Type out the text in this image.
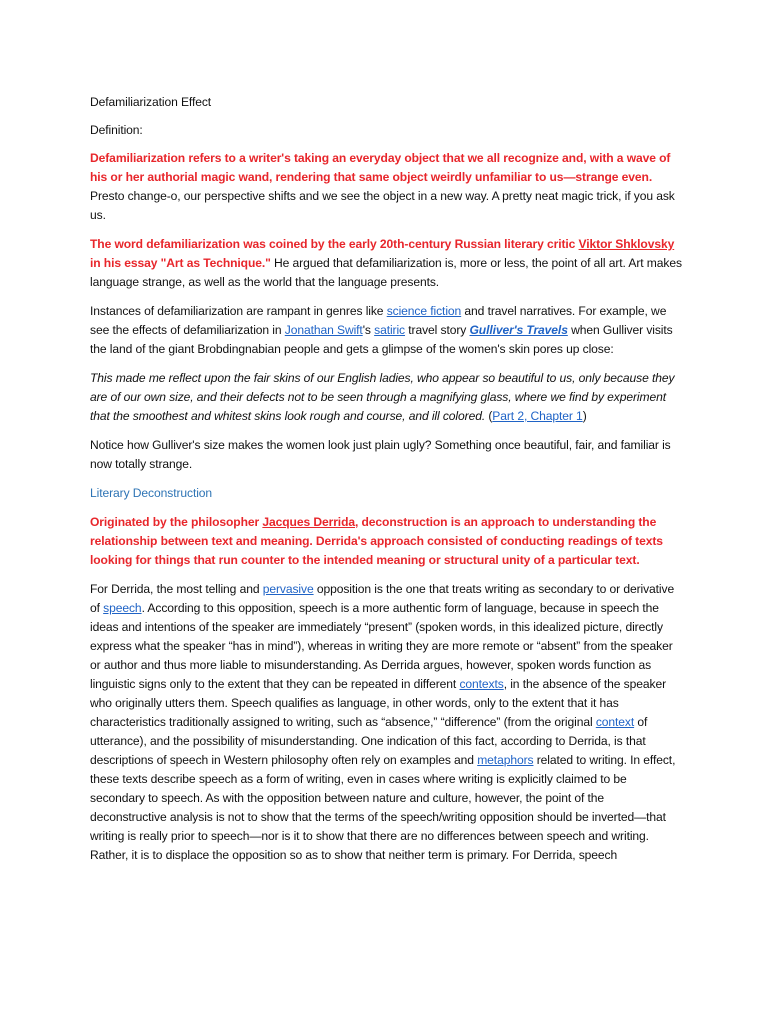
Defamiliarization Effect

Definition:

Defamiliarization refers to a writer's taking an everyday object that we all recognize and, with a wave of his or her authorial magic wand, rendering that same object weirdly unfamiliar to us—strange even. Presto change-o, our perspective shifts and we see the object in a new way. A pretty neat magic trick, if you ask us.

The word defamiliarization was coined by the early 20th-century Russian literary critic Viktor Shklovsky in his essay "Art as Technique." He argued that defamiliarization is, more or less, the point of all art. Art makes language strange, as well as the world that the language presents.

Instances of defamiliarization are rampant in genres like science fiction and travel narratives. For example, we see the effects of defamiliarization in Jonathan Swift's satiric travel story Gulliver's Travels when Gulliver visits the land of the giant Brobdingnabian people and gets a glimpse of the women's skin pores up close:

This made me reflect upon the fair skins of our English ladies, who appear so beautiful to us, only because they are of our own size, and their defects not to be seen through a magnifying glass, where we find by experiment that the smoothest and whitest skins look rough and course, and ill colored. (Part 2, Chapter 1)

Notice how Gulliver's size makes the women look just plain ugly? Something once beautiful, fair, and familiar is now totally strange.

Literary Deconstruction

Originated by the philosopher Jacques Derrida, deconstruction is an approach to understanding the relationship between text and meaning. Derrida's approach consisted of conducting readings of texts looking for things that run counter to the intended meaning or structural unity of a particular text.

For Derrida, the most telling and pervasive opposition is the one that treats writing as secondary to or derivative of speech. According to this opposition, speech is a more authentic form of language, because in speech the ideas and intentions of the speaker are immediately “present” (spoken words, in this idealized picture, directly express what the speaker “has in mind”), whereas in writing they are more remote or “absent” from the speaker or author and thus more liable to misunderstanding. As Derrida argues, however, spoken words function as linguistic signs only to the extent that they can be repeated in different contexts, in the absence of the speaker who originally utters them. Speech qualifies as language, in other words, only to the extent that it has characteristics traditionally assigned to writing, such as “absence,” “difference” (from the original context of utterance), and the possibility of misunderstanding. One indication of this fact, according to Derrida, is that descriptions of speech in Western philosophy often rely on examples and metaphors related to writing. In effect, these texts describe speech as a form of writing, even in cases where writing is explicitly claimed to be secondary to speech. As with the opposition between nature and culture, however, the point of the deconstructive analysis is not to show that the terms of the speech/writing opposition should be inverted—that writing is really prior to speech—nor is it to show that there are no differences between speech and writing. Rather, it is to displace the opposition so as to show that neither term is primary. For Derrida, speech
